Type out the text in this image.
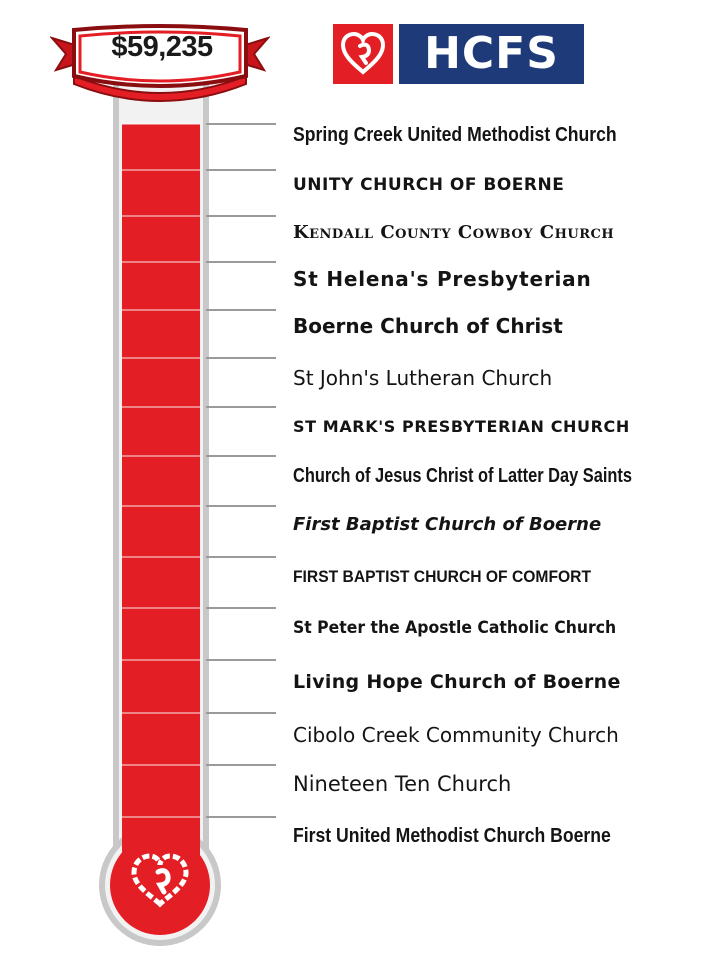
$59,235	HCFS
Spring Creek United Methodist Church
UNITY CHURCH OF BOERNE
Kendall County Cowboy Church
St Helena's Presbyterian
Boerne Church of Christ
St John's Lutheran Church
ST MARK'S PRESBYTERIAN CHURCH
Church of Jesus Christ of Latter Day Saints
First Baptist Church of Boerne
FIRST BAPTIST CHURCH OF COMFORT
St Peter the Apostle Catholic Church
Living Hope Church of Boerne
Cibolo Creek Community Church
Nineteen Ten Church
First United Methodist Church Boerne
